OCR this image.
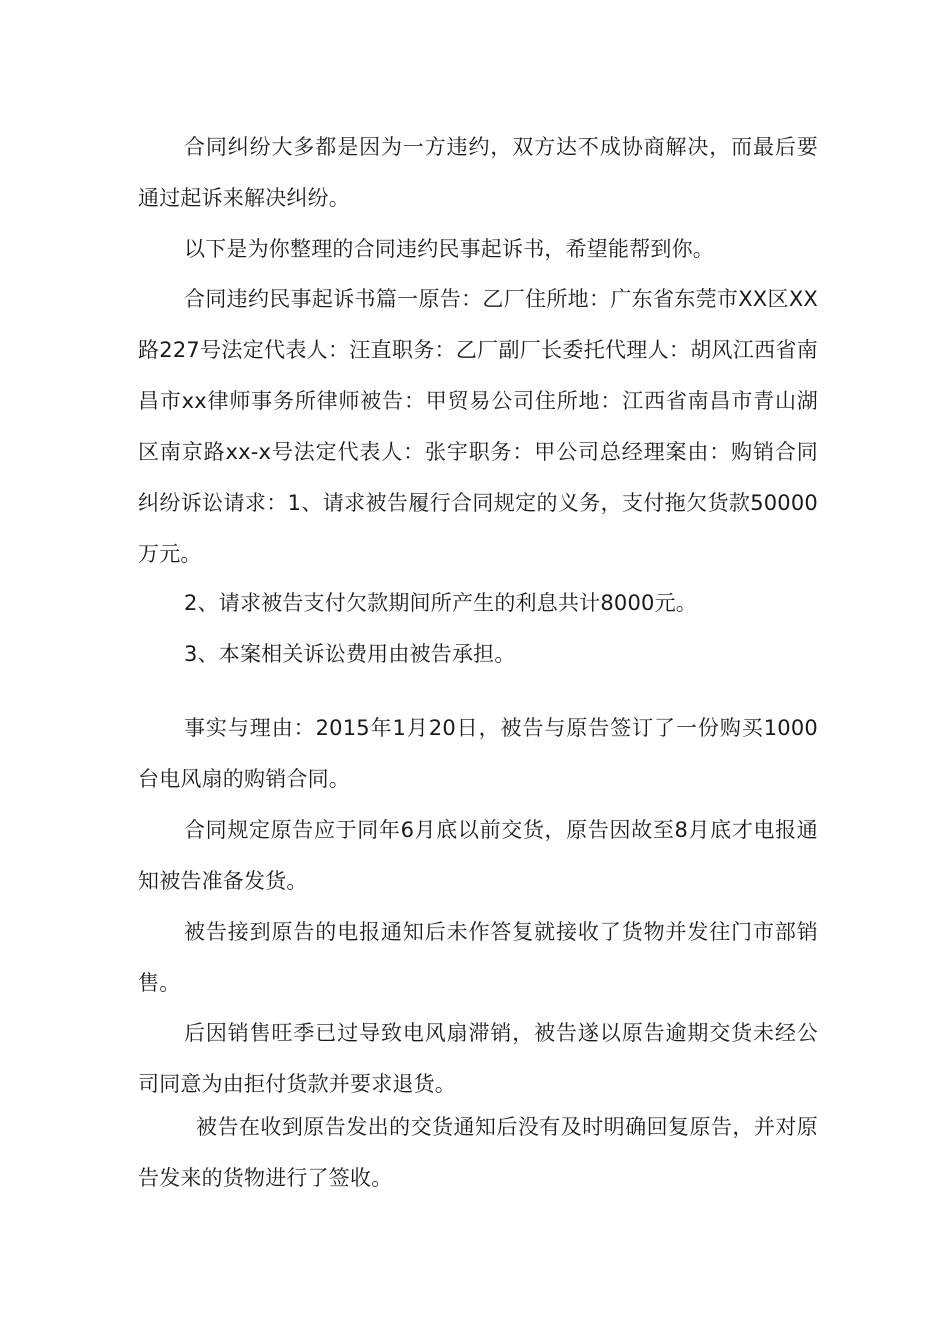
合同纠纷大多都是因为一方违约，双方达不成协商解决，而最后要通过起诉来解决纠纷。

以下是为你整理的合同违约民事起诉书，希望能帮到你。

合同违约民事起诉书篇一原告：乙厂住所地：广东省东莞市XX区XX路227号法定代表人：汪直职务：乙厂副厂长委托代理人：胡风江西省南昌市xx律师事务所律师被告：甲贸易公司住所地：江西省南昌市青山湖区南京路xx-x号法定代表人：张宇职务：甲公司总经理案由：购销合同纠纷诉讼请求：1、请求被告履行合同规定的义务，支付拖欠货款50000万元。

2、请求被告支付欠款期间所产生的利息共计8000元。

3、本案相关诉讼费用由被告承担。

事实与理由：2015年1月20日，被告与原告签订了一份购买1000台电风扇的购销合同。

合同规定原告应于同年6月底以前交货，原告因故至8月底才电报通知被告准备发货。

被告接到原告的电报通知后未作答复就接收了货物并发往门市部销售。

后因销售旺季已过导致电风扇滞销，被告遂以原告逾期交货未经公司同意为由拒付货款并要求退货。

被告在收到原告发出的交货通知后没有及时明确回复原告，并对原告发来的货物进行了签收。
